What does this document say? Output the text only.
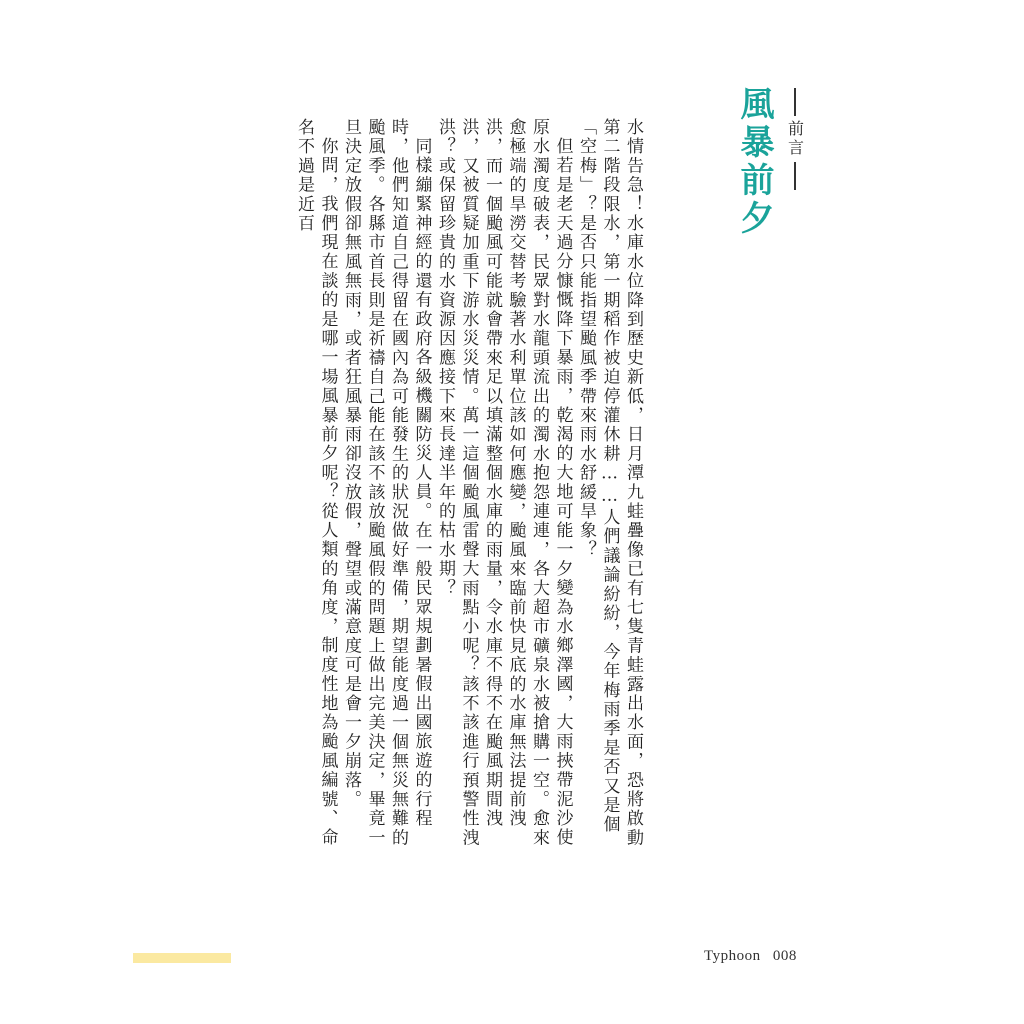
前言
風暴前夕

水情告急！水庫水位降到歷史新低，日月潭九蛙疊像已有七隻青蛙露出水面，恐將啟動第二階段限水，第一期稻作被迫停灌休耕……人們議論紛紛，今年梅雨季是否又是個「空梅」？是否只能指望颱風季帶來雨水舒緩旱象？

但若是老天過分慷慨降下暴雨，乾渴的大地可能一夕變為水鄉澤國，大雨挾帶泥沙使原水濁度破表，民眾對水龍頭流出的濁水抱怨連連，各大超市礦泉水被搶購一空。愈來愈極端的旱澇交替考驗著水利單位該如何應變，颱風來臨前快見底的水庫無法提前洩洪，而一個颱風可能就會帶來足以填滿整個水庫的雨量，令水庫不得不在颱風期間洩洪，又被質疑加重下游水災災情。萬一這個颱風雷聲大雨點小呢？該不該進行預警性洩洪？或保留珍貴的水資源因應接下來長達半年的枯水期？

同樣繃緊神經的還有政府各級機關防災人員。在一般民眾規劃暑假出國旅遊的行程時，他們知道自己得留在國內為可能發生的狀況做好準備，期望能度過一個無災無難的颱風季。各縣市首長則是祈禱自己能在該不該放颱風假的問題上做出完美決定，畢竟一旦決定放假卻無風無雨，或者狂風暴雨卻沒放假，聲望或滿意度可是會一夕崩落。

你問，我們現在談的是哪一場風暴前夕呢？從人類的角度，制度性地為颱風編號、命名不過是近百

Typhoon 008
